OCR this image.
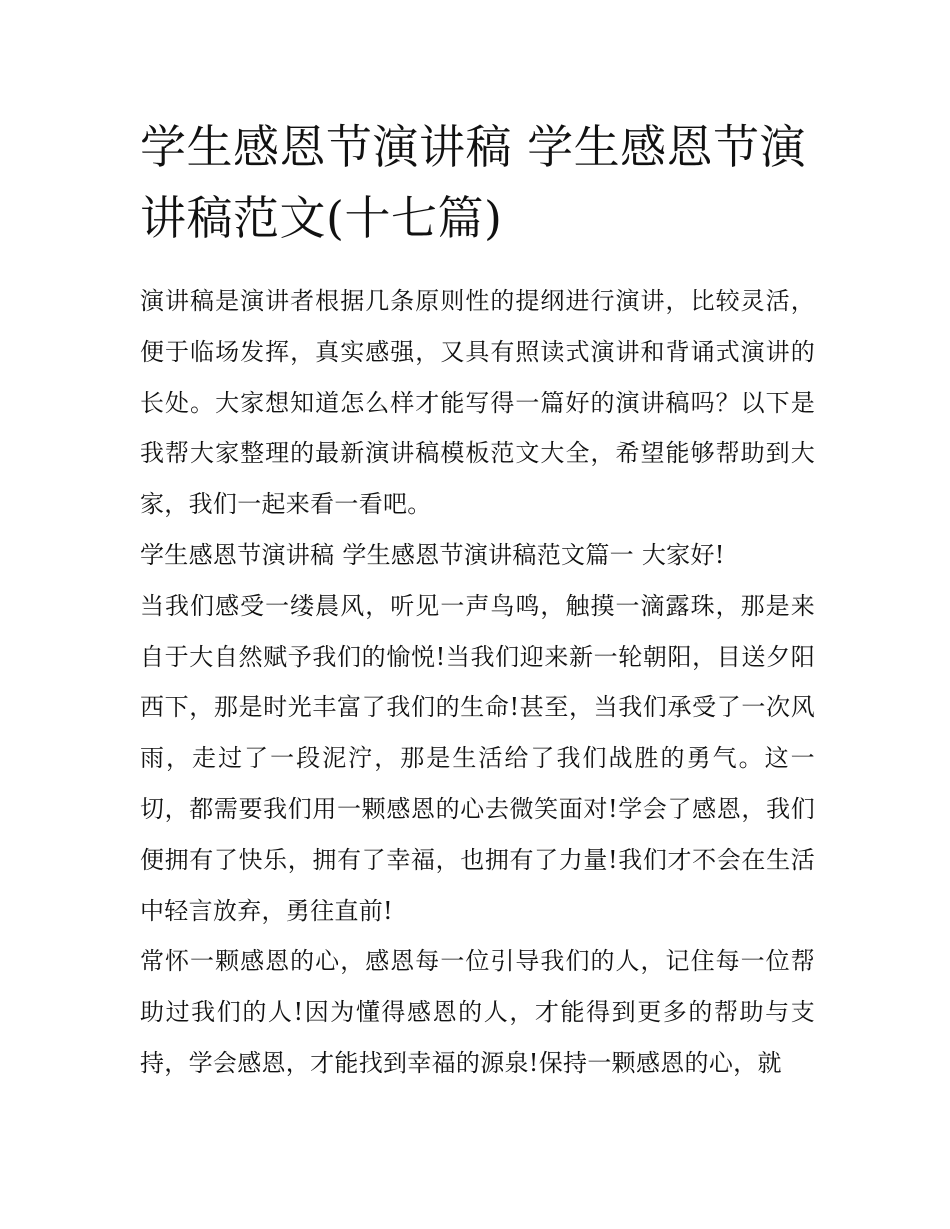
学生感恩节演讲稿 学生感恩节演讲稿范文(十七篇)

演讲稿是演讲者根据几条原则性的提纲进行演讲，比较灵活，便于临场发挥，真实感强，又具有照读式演讲和背诵式演讲的长处。大家想知道怎么样才能写得一篇好的演讲稿吗？以下是我帮大家整理的最新演讲稿模板范文大全，希望能够帮助到大家，我们一起来看一看吧。

学生感恩节演讲稿 学生感恩节演讲稿范文篇一 大家好!

当我们感受一缕晨风，听见一声鸟鸣，触摸一滴露珠，那是来自于大自然赋予我们的愉悦!当我们迎来新一轮朝阳，目送夕阳西下，那是时光丰富了我们的生命!甚至，当我们承受了一次风雨，走过了一段泥泞，那是生活给了我们战胜的勇气。这一切，都需要我们用一颗感恩的心去微笑面对!学会了感恩，我们便拥有了快乐，拥有了幸福，也拥有了力量!我们才不会在生活中轻言放弃，勇往直前!

常怀一颗感恩的心，感恩每一位引导我们的人，记住每一位帮助过我们的人!因为懂得感恩的人，才能得到更多的帮助与支持，学会感恩，才能找到幸福的源泉!保持一颗感恩的心，就
